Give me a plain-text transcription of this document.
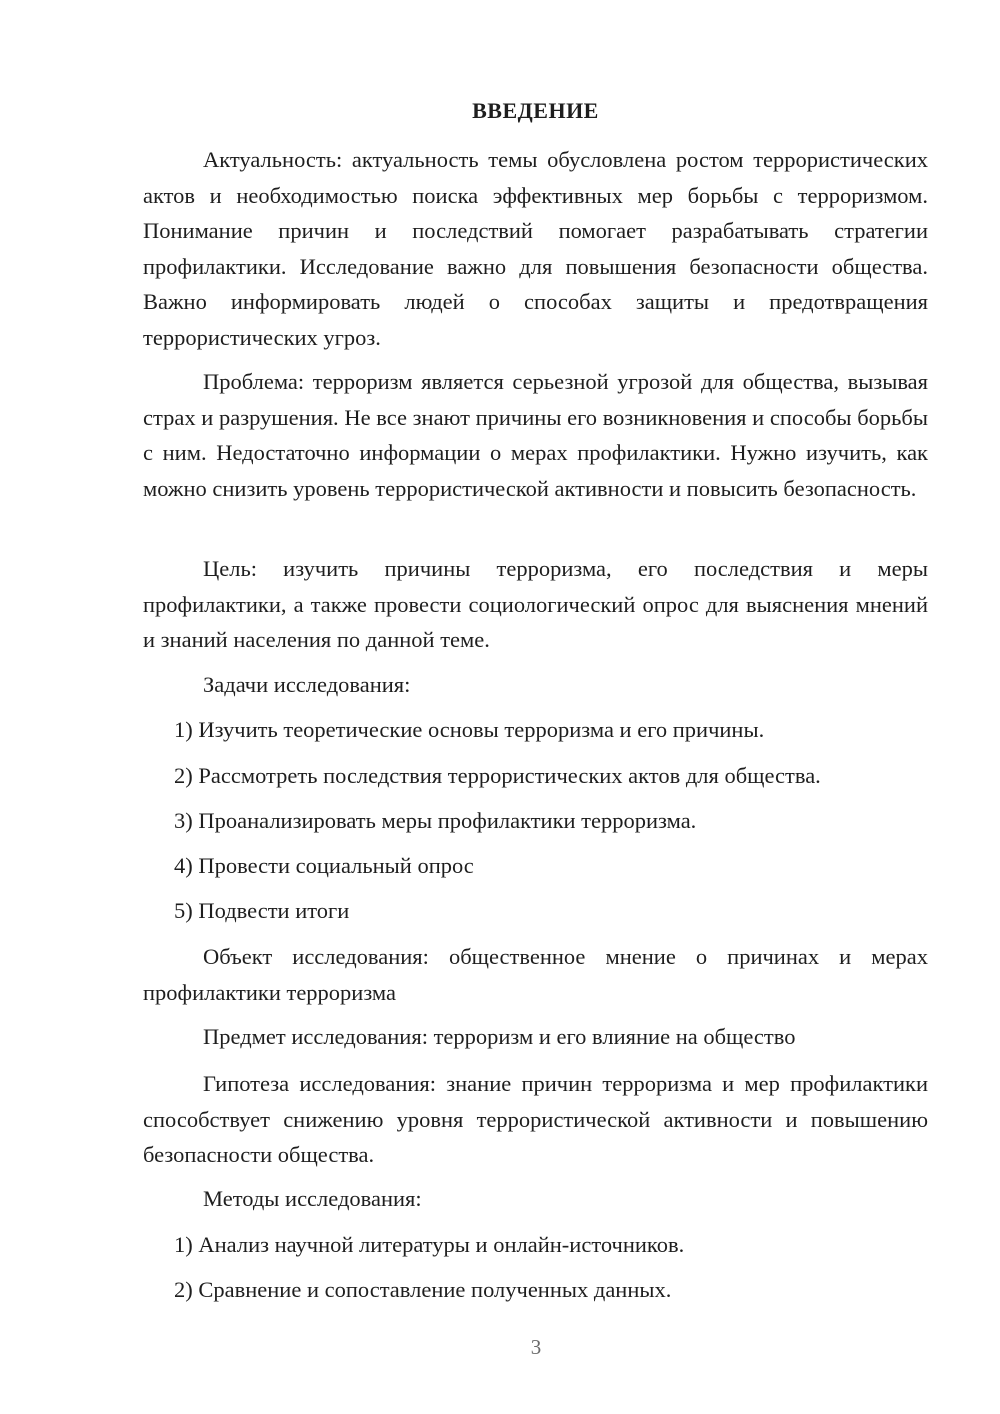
ВВЕДЕНИЕ

Актуальность: актуальность темы обусловлена ростом террористических актов и необходимостью поиска эффективных мер борьбы с терроризмом. Понимание причин и последствий помогает разрабатывать стратегии профилактики. Исследование важно для повышения безопасности общества. Важно информировать людей о способах защиты и предотвращения террористических угроз.

Проблема: терроризм является серьезной угрозой для общества, вызывая страх и разрушения. Не все знают причины его возникновения и способы борьбы с ним. Недостаточно информации о мерах профилактики. Нужно изучить, как можно снизить уровень террористической активности и повысить безопасность.

Цель: изучить причины терроризма, его последствия и меры профилактики, а также провести социологический опрос для выяснения мнений и знаний населения по данной теме.

Задачи исследования:

1) Изучить теоретические основы терроризма и его причины.

2) Рассмотреть последствия террористических актов для общества.

3) Проанализировать меры профилактики терроризма.

4) Провести социальный опрос

5) Подвести итоги

Объект исследования: общественное мнение о причинах и мерах профилактики терроризма

Предмет исследования: терроризм и его влияние на общество

Гипотеза исследования: знание причин терроризма и мер профилактики способствует снижению уровня террористической активности и повышению безопасности общества.

Методы исследования:

1) Анализ научной литературы и онлайн-источников.

2) Сравнение и сопоставление полученных данных.

3
